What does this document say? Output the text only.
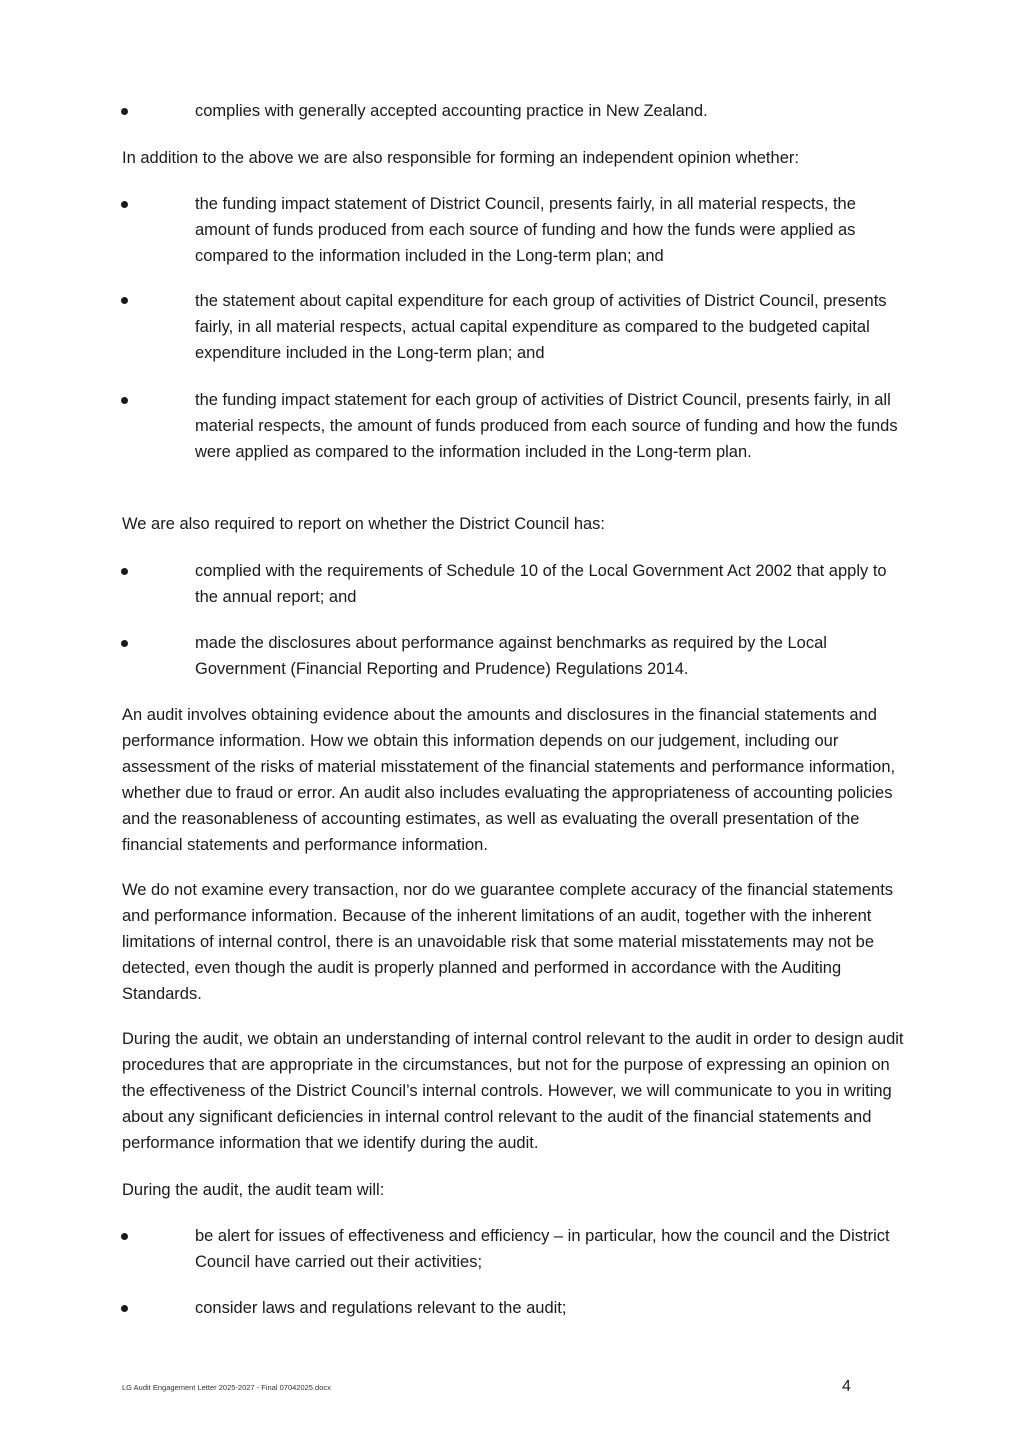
complies with generally accepted accounting practice in New Zealand.
In addition to the above we are also responsible for forming an independent opinion whether:
the funding impact statement of District Council, presents fairly, in all material respects, the amount of funds produced from each source of funding and how the funds were applied as compared to the information included in the Long-term plan; and
the statement about capital expenditure for each group of activities of District Council, presents fairly, in all material respects, actual capital expenditure as compared to the budgeted capital expenditure included in the Long-term plan; and
the funding impact statement for each group of activities of District Council, presents fairly, in all material respects, the amount of funds produced from each source of funding and how the funds were applied as compared to the information included in the Long-term plan.
We are also required to report on whether the District Council has:
complied with the requirements of Schedule 10 of the Local Government Act 2002 that apply to the annual report; and
made the disclosures about performance against benchmarks as required by the Local Government (Financial Reporting and Prudence) Regulations 2014.
An audit involves obtaining evidence about the amounts and disclosures in the financial statements and performance information. How we obtain this information depends on our judgement, including our assessment of the risks of material misstatement of the financial statements and performance information, whether due to fraud or error. An audit also includes evaluating the appropriateness of accounting policies and the reasonableness of accounting estimates, as well as evaluating the overall presentation of the financial statements and performance information.
We do not examine every transaction, nor do we guarantee complete accuracy of the financial statements and performance information. Because of the inherent limitations of an audit, together with the inherent limitations of internal control, there is an unavoidable risk that some material misstatements may not be detected, even though the audit is properly planned and performed in accordance with the Auditing Standards.
During the audit, we obtain an understanding of internal control relevant to the audit in order to design audit procedures that are appropriate in the circumstances, but not for the purpose of expressing an opinion on the effectiveness of the District Council’s internal controls. However, we will communicate to you in writing about any significant deficiencies in internal control relevant to the audit of the financial statements and performance information that we identify during the audit.
During the audit, the audit team will:
be alert for issues of effectiveness and efficiency – in particular, how the council and the District Council have carried out their activities;
consider laws and regulations relevant to the audit;
LG Audit Engagement Letter 2025-2027 - Final 07042025.docx	4
